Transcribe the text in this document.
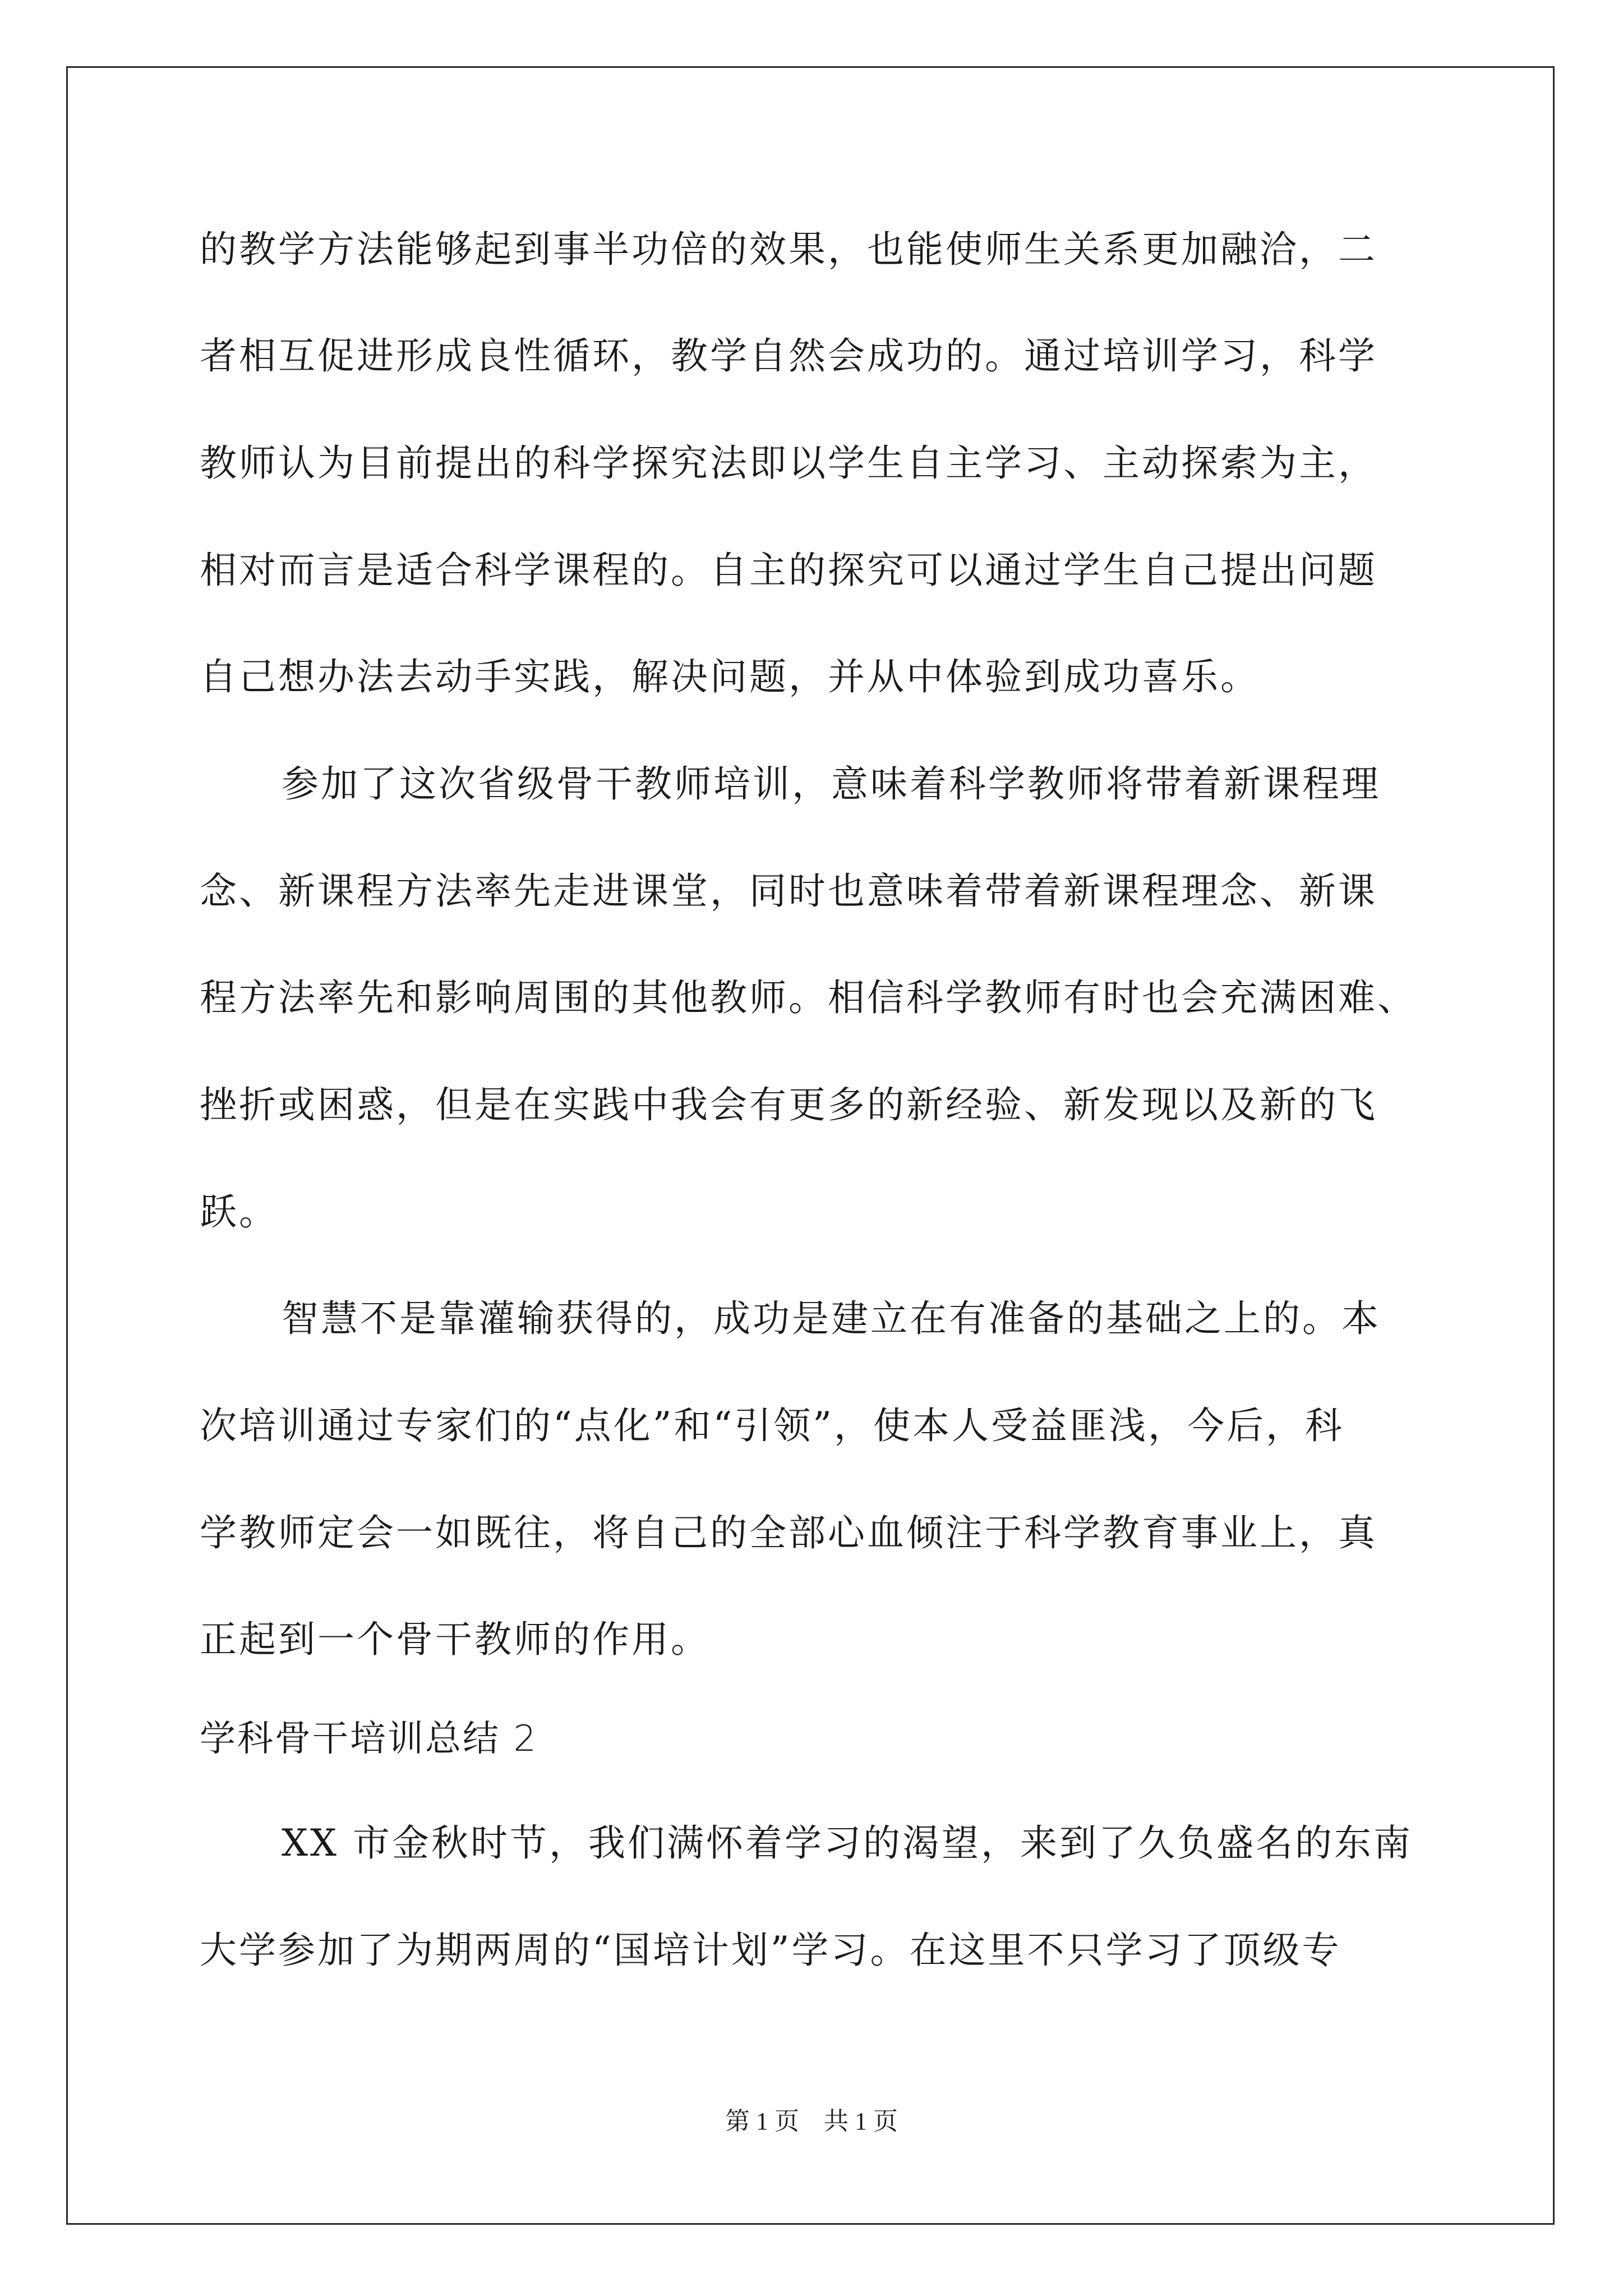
的教学方法能够起到事半功倍的效果，也能使师生关系更加融洽，二
者相互促进形成良性循环，教学自然会成功的。通过培训学习，科学
教师认为目前提出的科学探究法即以学生自主学习、主动探索为主，
相对而言是适合科学课程的。自主的探究可以通过学生自己提出问题
自己想办法去动手实践，解决问题，并从中体验到成功喜乐。
参加了这次省级骨干教师培训，意味着科学教师将带着新课程理
念、新课程方法率先走进课堂，同时也意味着带着新课程理念、新课
程方法率先和影响周围的其他教师。相信科学教师有时也会充满困难、
挫折或困惑，但是在实践中我会有更多的新经验、新发现以及新的飞
跃。
智慧不是靠灌输获得的，成功是建立在有准备的基础之上的。本
次培训通过专家们的“点化”和“引领”，使本人受益匪浅，今后，科
学教师定会一如既往，将自己的全部心血倾注于科学教育事业上，真
正起到一个骨干教师的作用。
学科骨干培训总结 2
XX 市金秋时节，我们满怀着学习的渴望，来到了久负盛名的东南
大学参加了为期两周的“国培计划”学习。在这里不只学习了顶级专
第 1 页　共 1 页
